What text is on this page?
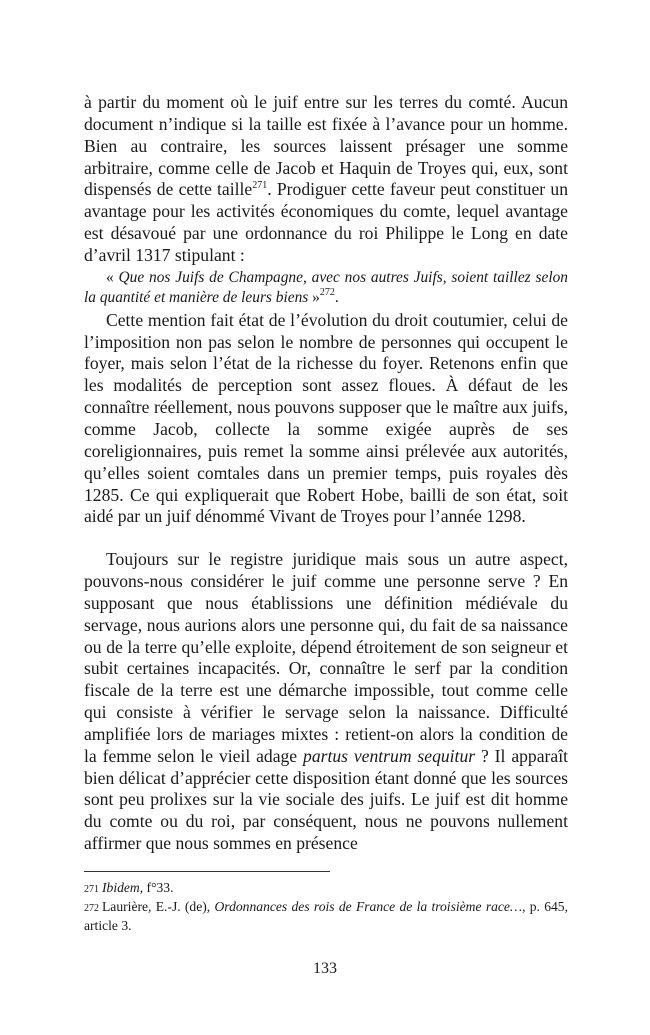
à partir du moment où le juif entre sur les terres du comté. Aucun document n’indique si la taille est fixée à l’avance pour un homme. Bien au contraire, les sources laissent présager une somme arbitraire, comme celle de Jacob et Haquin de Troyes qui, eux, sont dispensés de cette taille$^{271}$. Prodiguer cette faveur peut constituer un avantage pour les activités économiques du comte, lequel avantage est désavoué par une ordonnance du roi Philippe le Long en date d’avril 1317 stipulant :

« Que nos Juifs de Champagne, avec nos autres Juifs, soient taillez selon la quantité et manière de leurs biens »$^{272}$.

Cette mention fait état de l’évolution du droit coutumier, celui de l’imposition non pas selon le nombre de personnes qui occupent le foyer, mais selon l’état de la richesse du foyer. Retenons enfin que les modalités de perception sont assez floues. À défaut de les connaître réellement, nous pouvons supposer que le maître aux juifs, comme Jacob, collecte la somme exigée auprès de ses coreligionnaires, puis remet la somme ainsi prélevée aux autorités, qu’elles soient comtales dans un premier temps, puis royales dès 1285. Ce qui expliquerait que Robert Hobe, bailli de son état, soit aidé par un juif dénommé Vivant de Troyes pour l’année 1298.

Toujours sur le registre juridique mais sous un autre aspect, pouvons-nous considérer le juif comme une personne serve ? En supposant que nous établissions une définition médiévale du servage, nous aurions alors une personne qui, du fait de sa naissance ou de la terre qu’elle exploite, dépend étroitement de son seigneur et subit certaines incapacités. Or, connaître le serf par la condition fiscale de la terre est une démarche impossible, tout comme celle qui consiste à vérifier le servage selon la naissance. Difficulté amplifiée lors de mariages mixtes : retient-on alors la condition de la femme selon le vieil adage partus ventrum sequitur ? Il apparaît bien délicat d’apprécier cette disposition étant donné que les sources sont peu prolixes sur la vie sociale des juifs. Le juif est dit homme du comte ou du roi, par conséquent, nous ne pouvons nullement affirmer que nous sommes en présence

271 Ibidem, f°33.

272 Laurière, E.-J. (de), Ordonnances des rois de France de la troisième race…, p. 645, article 3.

133
